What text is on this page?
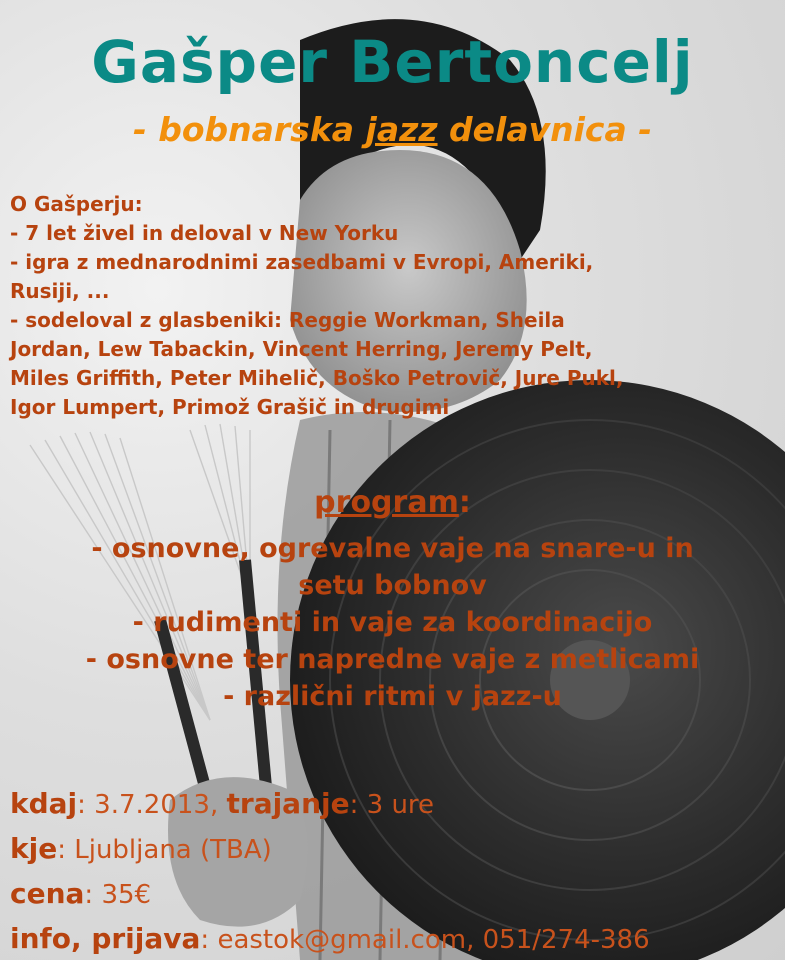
Gašper Bertoncelj
- bobnarska jazz delavnica -
O Gašperju:
- 7 let živel in deloval v New Yorku
- igra z mednarodnimi zasedbami v Evropi, Ameriki,
Rusiji, ...
- sodeloval z glasbeniki: Reggie Workman, Sheila
Jordan, Lew Tabackin, Vincent Herring, Jeremy Pelt,
Miles Griffith, Peter Mihelič, Boško Petrovič, Jure Pukl,
Igor Lumpert, Primož Grašič in drugimi
program:
- osnovne, ogrevalne vaje na snare-u in
setu bobnov
- rudimenti in vaje za koordinacijo
- osnovne ter napredne vaje z metlicami
- različni ritmi v jazz-u
kdaj: 3.7.2013, trajanje: 3 ure
kje: Ljubljana (TBA)
cena: 35€
info, prijava: eastok@gmail.com, 051/274-386
